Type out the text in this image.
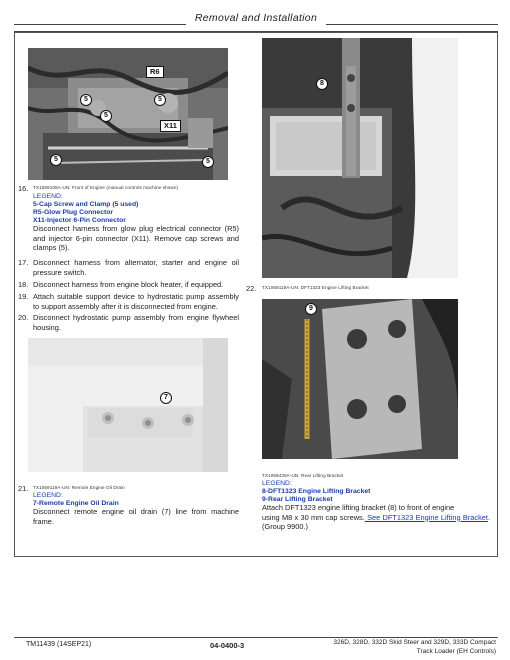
Removal and Installation
R6
X11
5	5
5
5	5
16. TX1069109A-UN: Front of Engine (manual controls machine shown)
LEGEND:
5-Cap Screw and Clamp (5 used)
R5-Glow Plug Connector
X11-Injector 6-Pin Connector
Disconnect harness from glow plug electrical connector (R5) and injector 6-pin connector (X11). Remove cap screws and clamps (5).
17. Disconnect harness from alternator, starter and engine oil pressure switch.
18. Disconnect harness from engine block heater, if equipped.
19. Attach suitable support device to hydrostatic pump assembly to support assembly after it is disconnected from engine.
20. Disconnect hydrostatic pump assembly from engine flywheel housing.
7
21. TX1069119A-UN: Remote Engine Oil Drain
LEGEND:
7-Remote Engine Oil Drain
Disconnect remote engine oil drain (7) line from machine frame.
8
TX1069119A-UN: DFT1323 Engine Lifting Bracket
22.
9
TX1069430A-UN: Rear Lifting Bracket
LEGEND:
8-DFT1323 Engine Lifting Bracket
9-Rear Lifting Bracket
Attach DFT1323 engine lifting bracket (8) to front of engine
using M8 x 30 mm cap screws. See DFT1323 Engine Lifting Bracket. (Group 9900.)
TM11439 (14SEP21)	04-0400-3	326D, 328D, 332D Skid Steer and 329D, 333D Compact
Track Loader (EH Controls)
